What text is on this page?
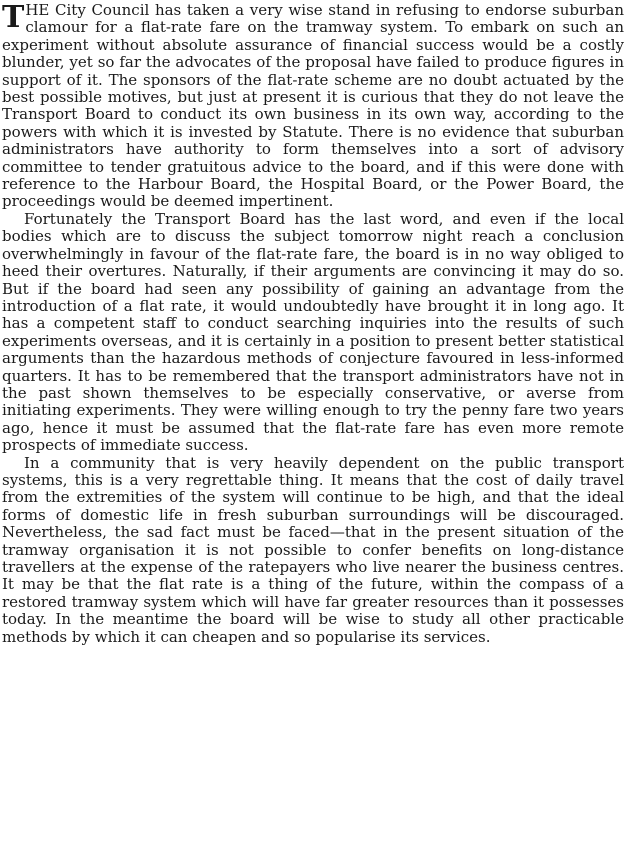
THE City Council has taken a very wise stand in refusing to endorse suburban clamour for a flat-rate fare on the tramway system. To embark on such an experiment without absolute assurance of financial success would be a costly blunder, yet so far the advocates of the proposal have failed to produce figures in support of it. The sponsors of the flat-rate scheme are no doubt actuated by the best possible motives, but just at present it is curious that they do not leave the Transport Board to conduct its own business in its own way, according to the powers with which it is invested by Statute. There is no evidence that suburban administrators have authority to form themselves into a sort of advisory committee to tender gratuitous advice to the board, and if this were done with reference to the Harbour Board, the Hospital Board, or the Power Board, the proceedings would be deemed impertinent.

Fortunately the Transport Board has the last word, and even if the local bodies which are to discuss the subject tomorrow night reach a conclusion overwhelmingly in favour of the flat-rate fare, the board is in no way obliged to heed their overtures. Naturally, if their arguments are convincing it may do so. But if the board had seen any possibility of gaining an advantage from the introduction of a flat rate, it would undoubtedly have brought it in long ago. It has a competent staff to conduct searching inquiries into the results of such experiments overseas, and it is certainly in a position to present better statistical arguments than the hazardous methods of conjecture favoured in less-informed quarters. It has to be remembered that the transport administrators have not in the past shown themselves to be especially conservative, or averse from initiating experiments. They were willing enough to try the penny fare two years ago, hence it must be assumed that the flat-rate fare has even more remote prospects of immediate success.

In a community that is very heavily dependent on the public transport systems, this is a very regrettable thing. It means that the cost of daily travel from the extremities of the system will continue to be high, and that the ideal forms of domestic life in fresh suburban surroundings will be discouraged. Nevertheless, the sad fact must be faced—that in the present situation of the tramway organisation it is not possible to confer benefits on long-distance travellers at the expense of the ratepayers who live nearer the business centres. It may be that the flat rate is a thing of the future, within the compass of a restored tramway system which will have far greater resources than it possesses today. In the meantime the board will be wise to study all other practicable methods by which it can cheapen and so popularise its services.
